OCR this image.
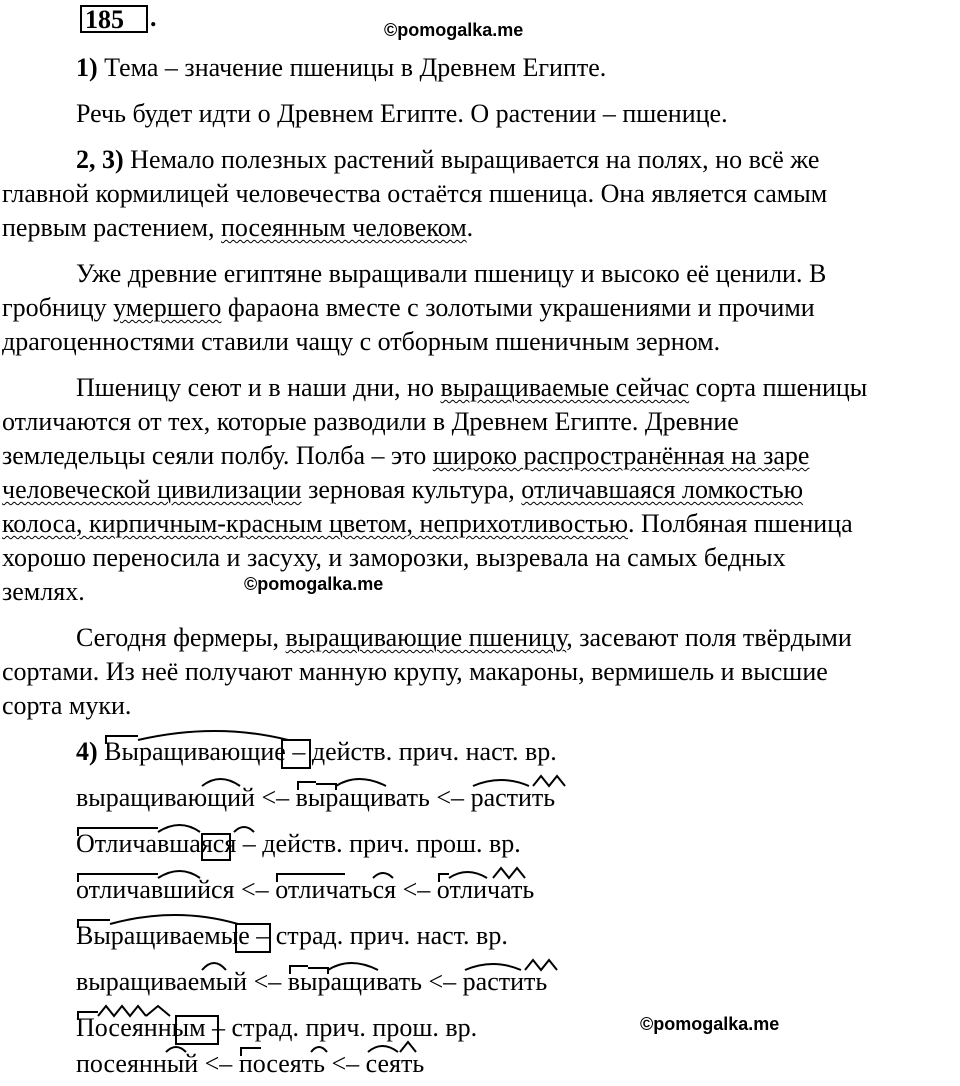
185	.	©pomogalka.me
©pomogalka.me
©pomogalka.me
1) Тема – значение пшеницы в Древнем Египте.
Речь будет идти о Древнем Египте. О растении – пшенице.
2, 3) Немало полезных растений выращивается на полях, но всё же
главной кормилицей человечества остаётся пшеница. Она является самым
первым растением, посеянным человеком.
Уже древние египтяне выращивали пшеницу и высоко её ценили. В
гробницу умершего фараона вместе с золотыми украшениями и прочими
драгоценностями ставили чащу с отборным пшеничным зерном.
Пшеницу сеют и в наши дни, но выращиваемые сейчас сорта пшеницы
отличаются от тех, которые разводили в Древнем Египте. Древние
земледельцы сеяли полбу. Полба – это широко распространённая на заре
человеческой цивилизации зерновая культура, отличавшаяся ломкостью
колоса, кирпичным-красным цветом, неприхотливостью. Полбяная пшеница
хорошо переносила и засуху, и заморозки, вызревала на самых бедных
землях.
Сегодня фермеры, выращивающие пшеницу, засевают поля твёрдыми
сортами. Из неё получают манную крупу, макароны, вермишель и высшие
сорта муки.
4) Выращивающие – действ. прич. наст. вр.
выращивающий <–
выращивать <–
растить
Отличавшаяся – действ. прич. прош. вр.
отличавшийся <–
отличаться <–
отличать
Выращиваемые – страд. прич. наст. вр.
выращиваемый <–
выращивать <–
растить
Посеянным – страд. прич. прош. вр.
посеянный <–
посеять <–
сеять
